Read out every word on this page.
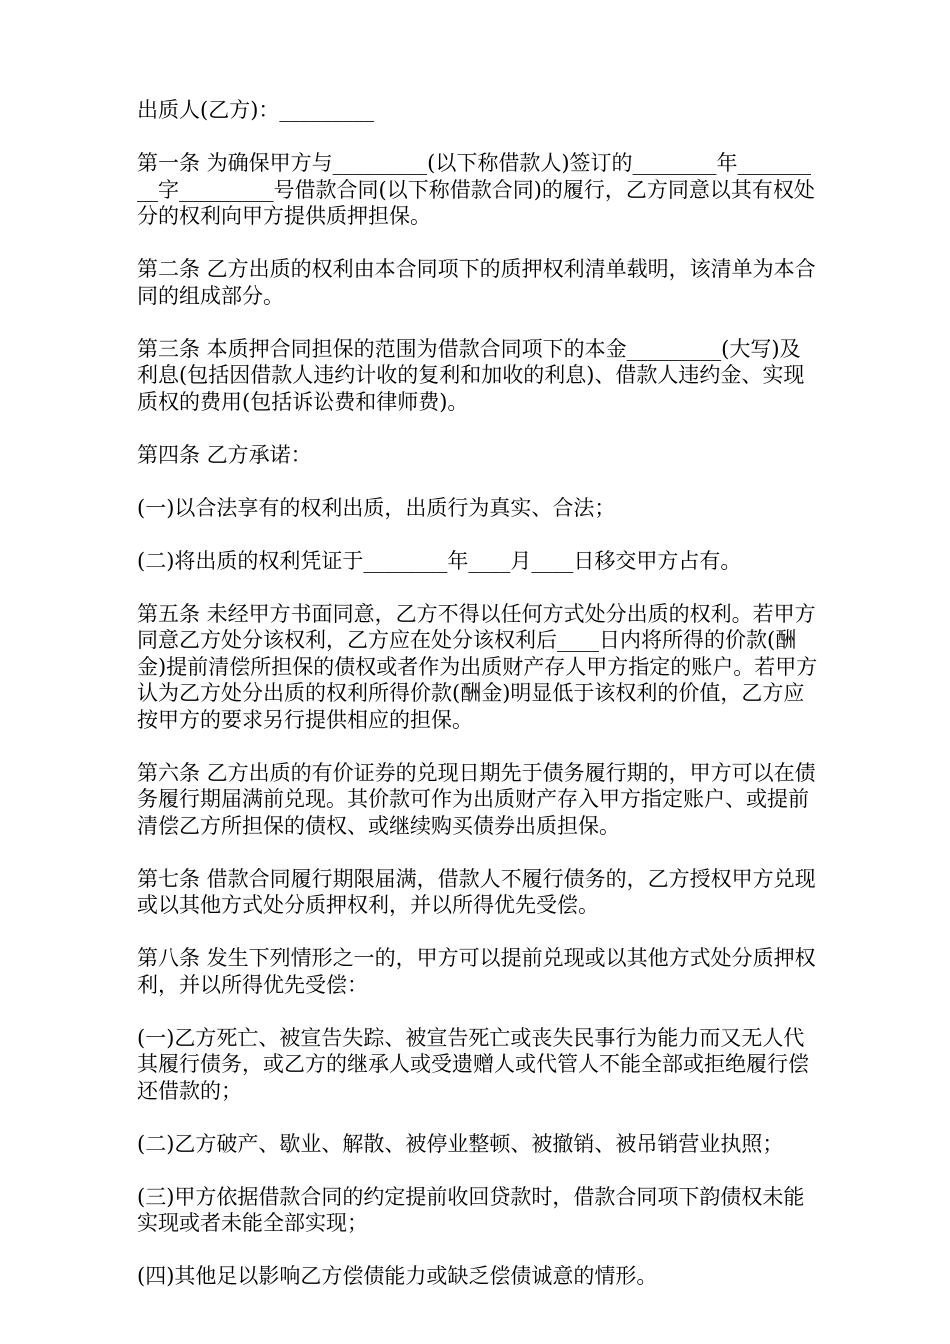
出质人(乙方)：_________

第一条 为确保甲方与_________(以下称借款人)签订的________年_________字_________号借款合同(以下称借款合同)的履行，乙方同意以其有权处分的权利向甲方提供质押担保。

第二条 乙方出质的权利由本合同项下的质押权利清单载明，该清单为本合同的组成部分。

第三条 本质押合同担保的范围为借款合同项下的本金_________(大写)及利息(包括因借款人违约计收的复利和加收的利息)、借款人违约金、实现质权的费用(包括诉讼费和律师费)。

第四条 乙方承诺：

(一)以合法享有的权利出质，出质行为真实、合法；

(二)将出质的权利凭证于________年____月____日移交甲方占有。

第五条 未经甲方书面同意，乙方不得以任何方式处分出质的权利。若甲方同意乙方处分该权利，乙方应在处分该权利后____日内将所得的价款(酬金)提前清偿所担保的债权或者作为出质财产存人甲方指定的账户。若甲方认为乙方处分出质的权利所得价款(酬金)明显低于该权利的价值，乙方应按甲方的要求另行提供相应的担保。

第六条 乙方出质的有价证券的兑现日期先于债务履行期的，甲方可以在债务履行期届满前兑现。其价款可作为出质财产存入甲方指定账户、或提前清偿乙方所担保的债权、或继续购买债券出质担保。

第七条 借款合同履行期限届满，借款人不履行债务的，乙方授权甲方兑现或以其他方式处分质押权利，并以所得优先受偿。

第八条 发生下列情形之一的，甲方可以提前兑现或以其他方式处分质押权利，并以所得优先受偿：

(一)乙方死亡、被宣告失踪、被宣告死亡或丧失民事行为能力而又无人代其履行债务，或乙方的继承人或受遗赠人或代管人不能全部或拒绝履行偿还借款的；

(二)乙方破产、歇业、解散、被停业整顿、被撤销、被吊销营业执照；

(三)甲方依据借款合同的约定提前收回贷款时，借款合同项下韵债权未能实现或者未能全部实现；

(四)其他足以影响乙方偿债能力或缺乏偿债诚意的情形。
